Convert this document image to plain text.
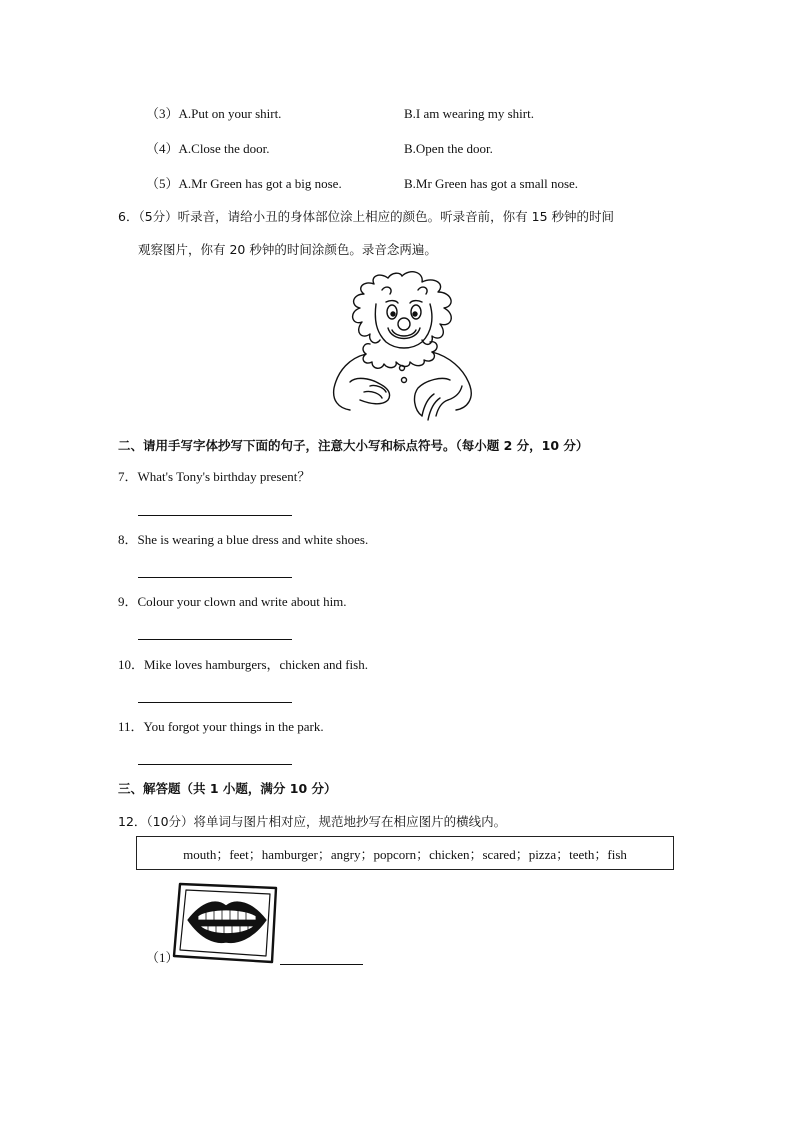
（3）A.Put on your shirt.	B.I am wearing my shirt.
（4）A.Close the door.	B.Open the door.
（5）A.Mr Green has got a big nose.	B.Mr Green has got a small nose.
6．（5分）听录音，请给小丑的身体部位涂上相应的颜色。听录音前，你有 15 秒钟的时间
观察图片，你有 20 秒钟的时间涂颜色。录音念两遍。
二、请用手写字体抄写下面的句子，注意大小写和标点符号。（每小题 2 分，10 分）
7．What's Tony's birthday present？
8．She is wearing a blue dress and white shoes.
9．Colour your clown and write about him.
10．Mike loves hamburgers，chicken and fish.
11．You forgot your things in the park.
三、解答题（共 1 小题，满分 10 分）
12．（10分）将单词与图片相对应，规范地抄写在相应图片的横线内。
mouth；feet；hamburger；angry；popcorn；chicken；scared；pizza；teeth；fish
（1）
